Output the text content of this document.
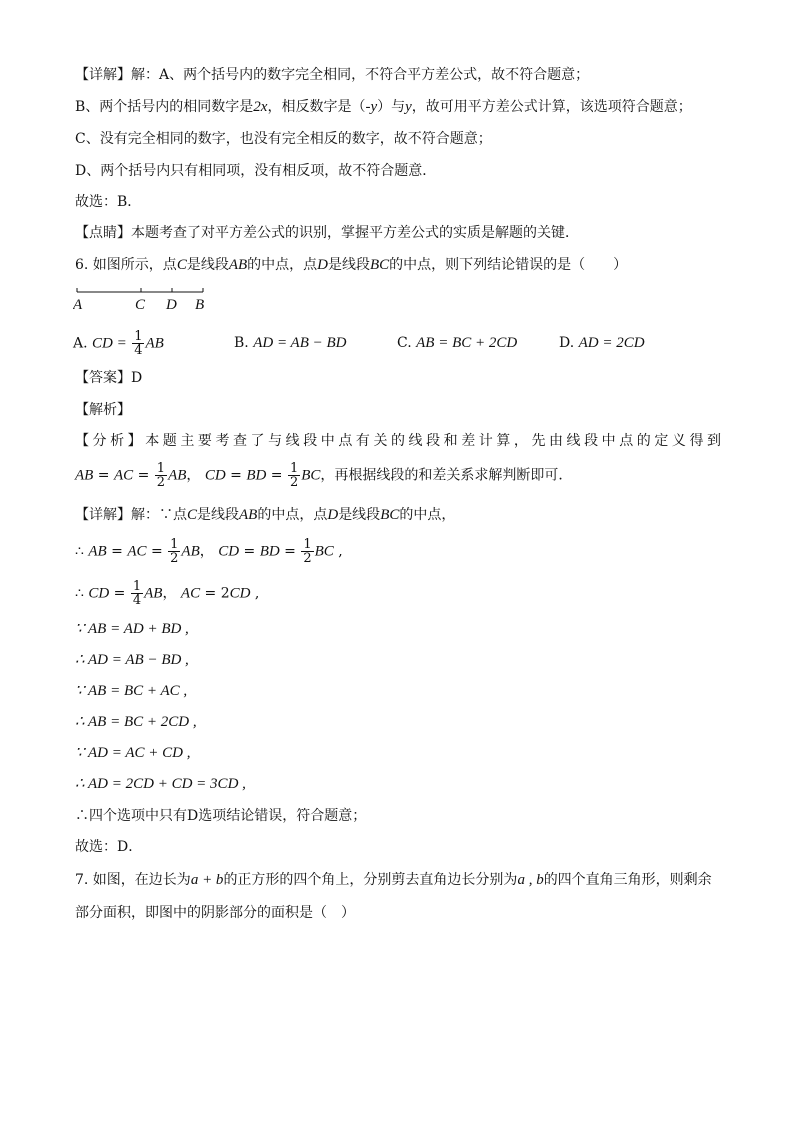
【详解】解：A、两个括号内的数字完全相同，不符合平方差公式，故不符合题意；
B、两个括号内的相同数字是2x，相反数字是（-y）与y，故可用平方差公式计算，该选项符合题意；
C、没有完全相同的数字，也没有完全相反的数字，故不符合题意；
D、两个括号内只有相同项，没有相反项，故不符合题意．
故选：B．
【点睛】本题考查了对平方差公式的识别，掌握平方差公式的实质是解题的关键．
6. 如图所示，点C是线段AB的中点，点D是线段BC的中点，则下列结论错误的是（　　）
A	C D B
A. CD = $\frac{1}{4}$ AB	B. AD = AB − BD	C. AB = BC + 2CD	D. AD = 2CD
【答案】D
【解析】
【分析】本题主要考查了与线段中点有关的线段和差计算，先由线段中点的定义得到
AB = AC = $\frac{1}{2}$ AB， CD = BD = $\frac{1}{2}$ BC，再根据线段的和差关系求解判断即可．
【详解】解：∵点C是线段AB的中点，点D是线段BC的中点，
∴ AB = AC = $\frac{1}{2}$ AB， CD = BD = $\frac{1}{2}$ BC ,
∴ CD = $\frac{1}{4}$ AB， AC = 2CD ,
∵ AB = AD + BD ,
∴ AD = AB − BD ,
∵ AB = BC + AC ,
∴ AB = BC + 2CD ,
∵ AD = AC + CD ,
∴ AD = 2CD + CD = 3CD ,
∴四个选项中只有D选项结论错误，符合题意；
故选：D．
7. 如图，在边长为a + b的正方形的四个角上，分别剪去直角边长分别为a , b的四个直角三角形，则剩余
部分面积，即图中的阴影部分的面积是（　）
